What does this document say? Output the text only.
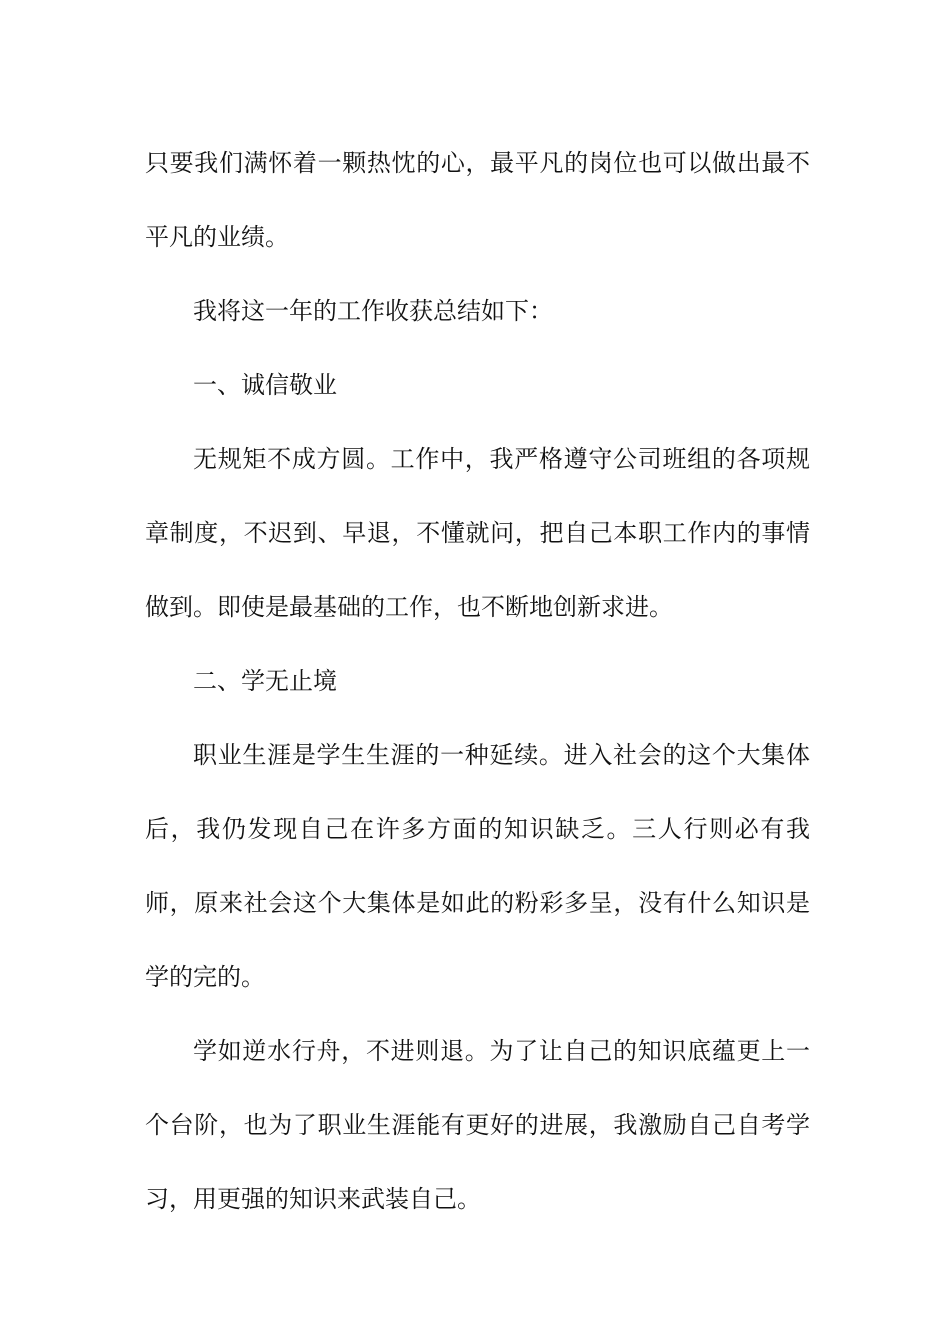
只要我们满怀着一颗热忱的心，最平凡的岗位也可以做出最不平凡的业绩。

我将这一年的工作收获总结如下：

一、诚信敬业

无规矩不成方圆。工作中，我严格遵守公司班组的各项规章制度，不迟到、早退，不懂就问，把自己本职工作内的事情做到。即使是最基础的工作，也不断地创新求进。

二、学无止境

职业生涯是学生生涯的一种延续。进入社会的这个大集体后，我仍发现自己在许多方面的知识缺乏。三人行则必有我师，原来社会这个大集体是如此的粉彩多呈，没有什么知识是学的完的。

学如逆水行舟，不进则退。为了让自己的知识底蕴更上一个台阶，也为了职业生涯能有更好的进展，我激励自己自考学习，用更强的知识来武装自己。
